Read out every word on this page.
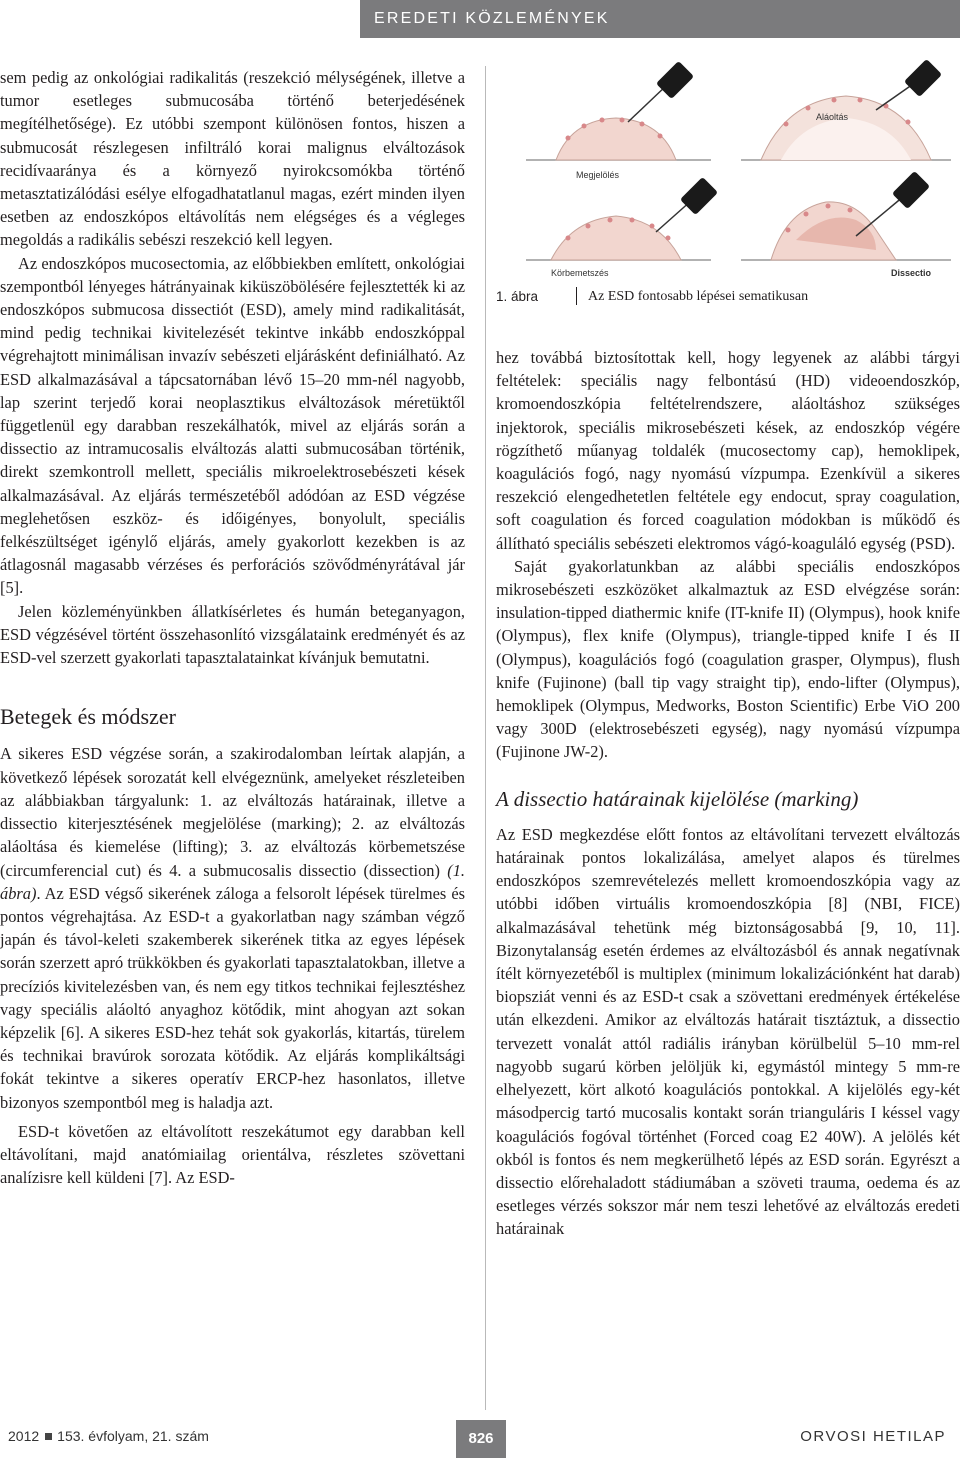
EREDETI KÖZLEMÉNYEK

sem pedig az onkológiai radikalitás (reszekció mélységének, illetve a tumor esetleges submucosába történő beterjedésének megítélhetősége). Ez utóbbi szempont különösen fontos, hiszen a submucosát részlegesen infiltráló korai malignus elváltozások recidívaaránya és a környező nyirokcsomókba történő metasztatizálódási esélye elfogadhatatlanul magas, ezért minden ilyen esetben az endoszkópos eltávolítás nem elégséges és a végleges megoldás a radikális sebészi reszekció kell legyen.

Az endoszkópos mucosectomia, az előbbiekben említett, onkológiai szempontból lényeges hátrányainak kiküszöbölésére fejlesztették ki az endoszkópos submucosa dissectiót (ESD), amely mind radikalitását, mind pedig technikai kivitelezését tekintve inkább endoszkóppal végrehajtott minimálisan invazív sebészeti eljárásként definiálható. Az ESD alkalmazásával a tápcsatornában lévő 15–20 mm-nél nagyobb, lap szerint terjedő korai neoplasztikus elváltozások méretüktől függetlenül egy darabban reszekálhatók, mivel az eljárás során a dissectio az intramucosalis elváltozás alatti submucosában történik, direkt szemkontroll mellett, speciális mikroelektrosebészeti kések alkalmazásával. Az eljárás természetéből adódóan az ESD végzése meglehetősen eszköz- és időigényes, bonyolult, speciális felkészültséget igénylő eljárás, amely gyakorlott kezekben is az átlagosnál magasabb vérzéses és perforációs szövődményrátával jár [5].

Jelen közleményünkben állatkísérletes és humán beteganyagon, ESD végzésével történt összehasonlító vizsgálataink eredményét és az ESD-vel szerzett gyakorlati tapasztalatainkat kívánjuk bemutatni.

Betegek és módszer

A sikeres ESD végzése során, a szakirodalomban leírtak alapján, a következő lépések sorozatát kell elvégeznünk, amelyeket részleteiben az alábbiakban tárgyalunk: 1. az elváltozás határainak, illetve a dissectio kiterjesztésének megjelölése (marking); 2. az elváltozás aláoltása és kiemelése (lifting); 3. az elváltozás körbemetszése (circumferencial cut) és 4. a submucosalis dissectio (dissection) (1. ábra). Az ESD végső sikerének záloga a felsorolt lépések türelmes és pontos végrehajtása. Az ESD-t a gyakorlatban nagy számban végző japán és távol-keleti szakemberek sikerének titka az egyes lépések során szerzett apró trükkökben és gyakorlati tapasztalatokban, illetve a precíziós kivitelezésben van, és nem egy titkos technikai fejlesztéshez vagy speciális aláoltó anyaghoz kötődik, mint ahogyan azt sokan képzelik [6]. A sikeres ESD-hez tehát sok gyakorlás, kitartás, türelem és technikai bravúrok sorozata kötődik. Az eljárás komplikáltsági fokát tekintve a sikeres operatív ERCP-hez hasonlatos, illetve bizonyos szempontból meg is haladja azt.

ESD-t követően az eltávolított reszekátumot egy darabban kell eltávolítani, majd anatómiailag orientálva, részletes szövettani analízisre kell küldeni [7]. Az ESD-

Megjelölés
Aláoltás
Körbemetszés	Dissectio
1. ábra	Az ESD fontosabb lépései sematikusan

hez továbbá biztosítottak kell, hogy legyenek az alábbi tárgyi feltételek: speciális nagy felbontású (HD) videoendoszkóp, kromoendoszkópia feltételrendszere, aláoltáshoz szükséges injektorok, speciális mikrosebészeti kések, az endoszkóp végére rögzíthető műanyag toldalék (mucosectomy cap), hemoklipek, koagulációs fogó, nagy nyomású vízpumpa. Ezenkívül a sikeres reszekció elengedhetetlen feltétele egy endocut, spray coagulation, soft coagulation és forced coagulation módokban is működő és állítható speciális sebészeti elektromos vágó-koaguláló egység (PSD).

Saját gyakorlatunkban az alábbi speciális endoszkópos mikrosebészeti eszközöket alkalmaztuk az ESD elvégzése során: insulation-tipped diathermic knife (IT-knife II) (Olympus), hook knife (Olympus), flex knife (Olympus), triangle-tipped knife I és II (Olympus), koagulációs fogó (coagulation grasper, Olympus), flush knife (Fujinone) (ball tip vagy straight tip), endo-lifter (Olympus), hemoklipek (Olympus, Medworks, Boston Scientific) Erbe ViO 200 vagy 300D (elektrosebészeti egység), nagy nyomású vízpumpa (Fujinone JW-2).

A dissectio határainak kijelölése (marking)

Az ESD megkezdése előtt fontos az eltávolítani tervezett elváltozás határainak pontos lokalizálása, amelyet alapos és türelmes endoszkópos szemrevételezés mellett kromoendoszkópia vagy az utóbbi időben virtuális kromoendoszkópia [8] (NBI, FICE) alkalmazásával tehetünk még biztonságosabbá [9, 10, 11]. Bizonytalanság esetén érdemes az elváltozásból és annak negatívnak ítélt környezetéből is multiplex (minimum lokalizációnként hat darab) biopsziát venni és az ESD-t csak a szövettani eredmények értékelése után elkezdeni. Amikor az elváltozás határait tisztáztuk, a dissectio tervezett vonalát attól radiális irányban körülbelül 5–10 mm-rel nagyobb sugarú körben jelöljük ki, egymástól mintegy 5 mm-re elhelyezett, kört alkotó koagulációs pontokkal. A kijelölés egy-két másodpercig tartó mucosalis kontakt során trianguláris I késsel vagy koagulációs fogóval történhet (Forced coag E2 40W). A jelölés két okból is fontos és nem megkerülhető lépés az ESD során. Egyrészt a dissectio előrehaladott stádiumában a szöveti trauma, oedema és az esetleges vérzés sokszor már nem teszi lehetővé az elváltozás eredeti határainak

2012 153. évfolyam, 21. szám	826	ORVOSI HETILAP
